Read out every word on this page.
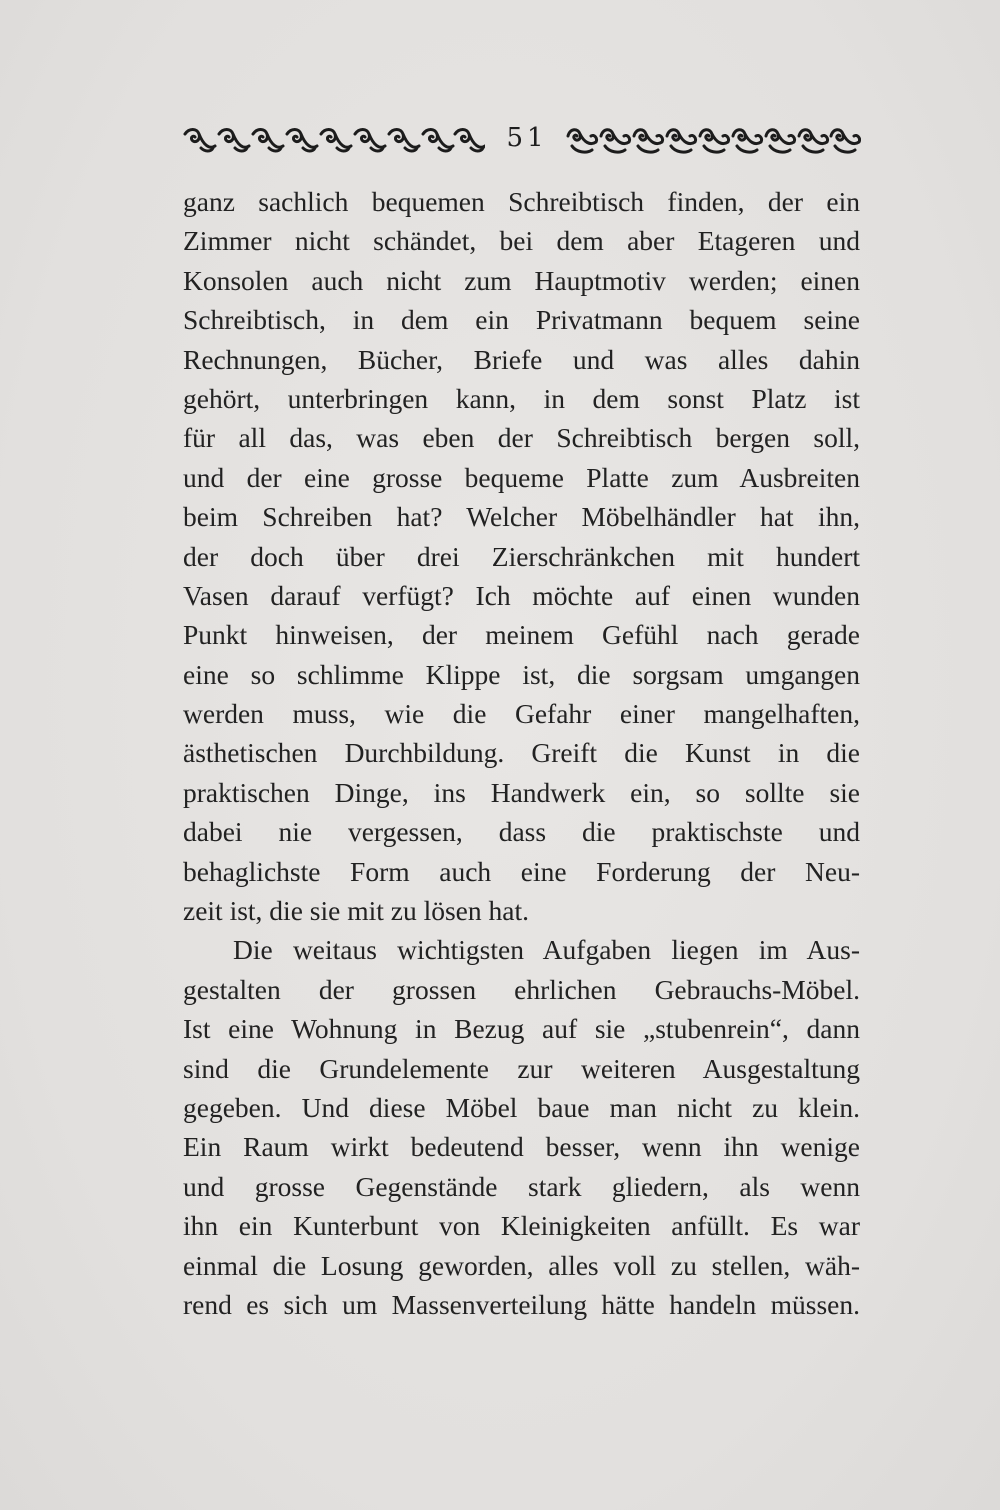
51
ganz sachlich bequemen Schreibtisch finden, der ein
Zimmer nicht schändet, bei dem aber Etageren und
Konsolen auch nicht zum Hauptmotiv werden; einen
Schreibtisch, in dem ein Privatmann bequem seine
Rechnungen, Bücher, Briefe und was alles dahin
gehört, unterbringen kann, in dem sonst Platz ist
für all das, was eben der Schreibtisch bergen soll,
und der eine grosse bequeme Platte zum Ausbreiten
beim Schreiben hat? Welcher Möbelhändler hat ihn,
der doch über drei Zierschränkchen mit hundert
Vasen darauf verfügt? Ich möchte auf einen wunden
Punkt hinweisen, der meinem Gefühl nach gerade
eine so schlimme Klippe ist, die sorgsam umgangen
werden muss, wie die Gefahr einer mangelhaften,
ästhetischen Durchbildung. Greift die Kunst in die
praktischen Dinge, ins Handwerk ein, so sollte sie
dabei nie vergessen, dass die praktischste und
behaglichste Form auch eine Forderung der Neu-
zeit ist, die sie mit zu lösen hat.
Die weitaus wichtigsten Aufgaben liegen im Aus-
gestalten der grossen ehrlichen Gebrauchs-Möbel.
Ist eine Wohnung in Bezug auf sie „stubenrein“, dann
sind die Grundelemente zur weiteren Ausgestaltung
gegeben. Und diese Möbel baue man nicht zu klein.
Ein Raum wirkt bedeutend besser, wenn ihn wenige
und grosse Gegenstände stark gliedern, als wenn
ihn ein Kunterbunt von Kleinigkeiten anfüllt. Es war
einmal die Losung geworden, alles voll zu stellen, wäh-
rend es sich um Massenverteilung hätte handeln müssen.
